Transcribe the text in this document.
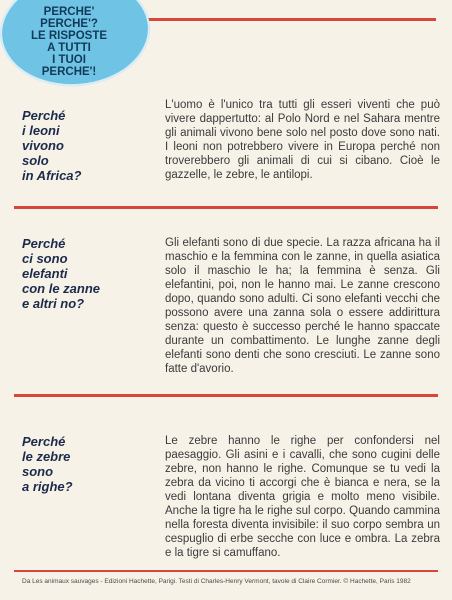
PERCHE'
PERCHE'?
LE RISPOSTE
A TUTTI
I TUOI
PERCHE'!
Perché
i leoni
vivono
solo
in Africa?
L'uomo è l'unico tra tutti gli esseri viventi che può vivere dappertutto: al Polo Nord e nel Sahara mentre gli animali vivono bene solo nel posto dove sono nati. I leoni non potrebbero vivere in Europa perché non troverebbero gli animali di cui si cibano. Cioè le gazzelle, le zebre, le antilopi.
Perché
ci sono
elefanti
con le zanne
e altri no?
Gli elefanti sono di due specie. La razza africana ha il maschio e la femmina con le zanne, in quella asiatica solo il maschio le ha; la femmina è senza. Gli elefantini, poi, non le hanno mai. Le zanne crescono dopo, quando sono adulti. Ci sono elefanti vecchi che possono avere una zanna sola o essere addirittura senza: questo è successo perché le hanno spaccate durante un combattimento. Le lunghe zanne degli elefanti sono denti che sono cresciuti. Le zanne sono fatte d'avorio.
Perché
le zebre
sono
a righe?
Le zebre hanno le righe per confondersi nel paesaggio. Gli asini e i cavalli, che sono cugini delle zebre, non hanno le righe. Comunque se tu vedi la zebra da vicino ti accorgi che è bianca e nera, se la vedi lontana diventa grigia e molto meno visibile. Anche la tigre ha le righe sul corpo. Quando cammina nella foresta diventa invisibile: il suo corpo sembra un cespuglio di erbe secche con luce e ombra. La zebra e la tigre si camuffano.
Da Les animaux sauvages - Edizioni Hachette, Parigi. Testi di Charles-Henry Vermont, tavole di Claire Cormier. © Hachette, Paris 1982
